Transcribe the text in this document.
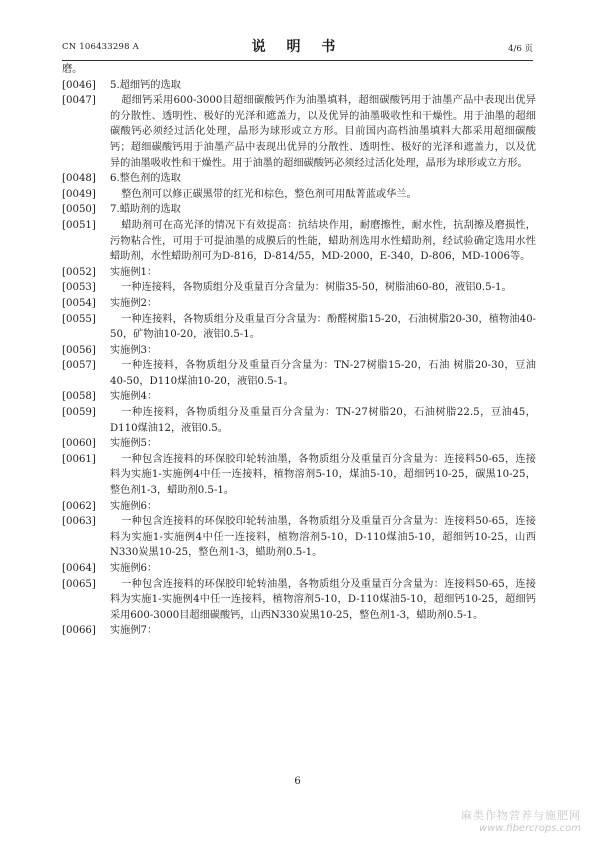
CN 106433298 A	说 明 书	4/6 页
磨。
[0046]	5.超细钙的选取
[0047]	超细钙采用600-3000目超细碳酸钙作为油墨填料，超细碳酸钙用于油墨产品中表现出优异的分散性、透明性、极好的光泽和遮盖力，以及优异的油墨吸收性和干燥性。用于油墨的超细碳酸钙必须经过活化处理，晶形为球形或立方形。目前国内高档油墨填料大都采用超细碳酸钙；超细碳酸钙用于油墨产品中表现出优异的分散性、透明性、极好的光泽和遮盖力，以及优异的油墨吸收性和干燥性。用于油墨的超细碳酸钙必须经过活化处理，晶形为球形或立方形。
[0048]	6.整色剂的选取
[0049]	整色剂可以修正碳黑带的红光和棕色，整色剂可用酞菁蓝或华兰。
[0050]	7.蜡助剂的选取
[0051]	蜡助剂可在高光泽的情况下有效提高：抗结块作用，耐磨擦性，耐水性，抗刮擦及磨损性，污物粘合性，可用于可提油墨的成膜后的性能，蜡助剂选用水性蜡助剂，经试验确定选用水性蜡助剂，水性蜡助剂可为D-816，D-814/55，MD-2000，E-340，D-806，MD-1006等。
[0052]	实施例1：
[0053]	一种连接料，各物质组分及重量百分含量为：树脂35-50，树脂油60-80，液铝0.5-1。
[0054]	实施例2：
[0055]	一种连接料，各物质组分及重量百分含量为：酚醛树脂15-20，石油树脂20-30，植物油40-50，矿物油10-20，液铝0.5-1。
[0056]	实施例3：
[0057]	一种连接料，各物质组分及重量百分含量为：TN-27树脂15-20，石油 树脂20-30，豆油40-50，D110煤油10-20，液铝0.5-1。
[0058]	实施例4：
[0059]	一种连接料，各物质组分及重量百分含量为：TN-27树脂20，石油树脂22.5，豆油45，D110煤油12，液铝0.5。
[0060]	实施例5：
[0061]	一种包含连接料的环保胶印轮转油墨，各物质组分及重量百分含量为：连接料50-65，连接料为实施1-实施例4中任一连接料，植物溶剂5-10，煤油5-10，超细钙10-25，碳黑10-25，整色剂1-3，蜡助剂0.5-1。
[0062]	实施例6：
[0063]	一种包含连接料的环保胶印轮转油墨，各物质组分及重量百分含量为：连接料50-65，连接料为实施1-实施例4中任一连接料，植物溶剂5-10，D-110煤油5-10，超细钙10-25，山西N330炭黑10-25，整色剂1-3，蜡助剂0.5-1。
[0064]	实施例6：
[0065]	一种包含连接料的环保胶印轮转油墨，各物质组分及重量百分含量为：连接料50-65，连接料为实施1-实施例4中任一连接料，植物溶剂5-10，D-110煤油5-10，超细钙10-25，超细钙采用600-3000目超细碳酸钙，山西N330炭黑10-25，整色剂1-3，蜡助剂0.5-1。
[0066]	实施例7：
6
麻类作物营养与施肥网
www.fibercrops.com
